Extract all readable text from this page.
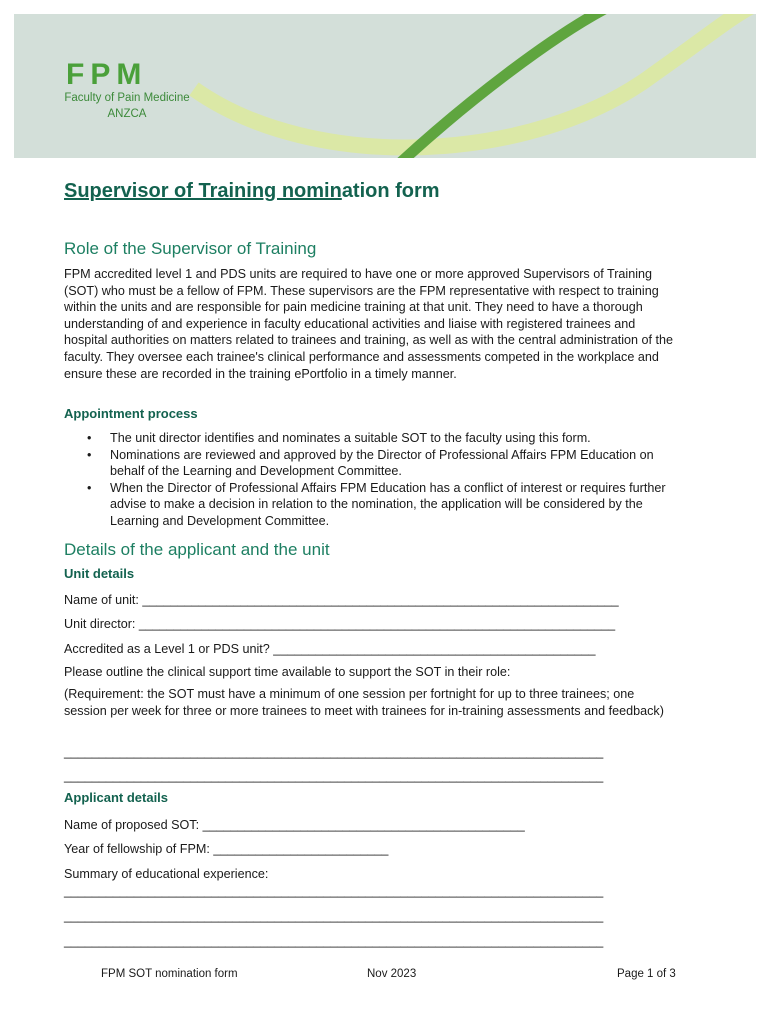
FPM
Faculty of Pain Medicine
ANZCA
Supervisor of Training nomination form
Role of the Supervisor of Training

FPM accredited level 1 and PDS units are required to have one or more approved Supervisors of Training (SOT) who must be a fellow of FPM. These supervisors are the FPM representative with respect to training within the units and are responsible for pain medicine training at that unit. They need to have a thorough understanding of and experience in faculty educational activities and liaise with registered trainees and hospital authorities on matters related to trainees and training, as well as with the central administration of the faculty. They oversee each trainee's clinical performance and assessments competed in the workplace and ensure these are recorded in the training ePortfolio in a timely manner.

Appointment process
• The unit director identifies and nominates a suitable SOT to the faculty using this form.
• Nominations are reviewed and approved by the Director of Professional Affairs FPM Education on behalf of the Learning and Development Committee.
• When the Director of Professional Affairs FPM Education has a conflict of interest or requires further advise to make a decision in relation to the nomination, the application will be considered by the Learning and Development Committee.
Details of the applicant and the unit
Unit details

Name of unit: ____________________________________________________________________

Unit director: ____________________________________________________________________

Accredited as a Level 1 or PDS unit? ______________________________________________

Please outline the clinical support time available to support the SOT in their role:

(Requirement: the SOT must have a minimum of one session per fortnight for up to three trainees; one session per week for three or more trainees to meet with trainees for in-training assessments and feedback)

_____________________________________________________________________________

_____________________________________________________________________________

Applicant details

Name of proposed SOT: ______________________________________________

Year of fellowship of FPM: _________________________

Summary of educational experience:

_____________________________________________________________________________

_____________________________________________________________________________

_____________________________________________________________________________

FPM SOT nomination form	Nov 2023	Page 1 of 3
